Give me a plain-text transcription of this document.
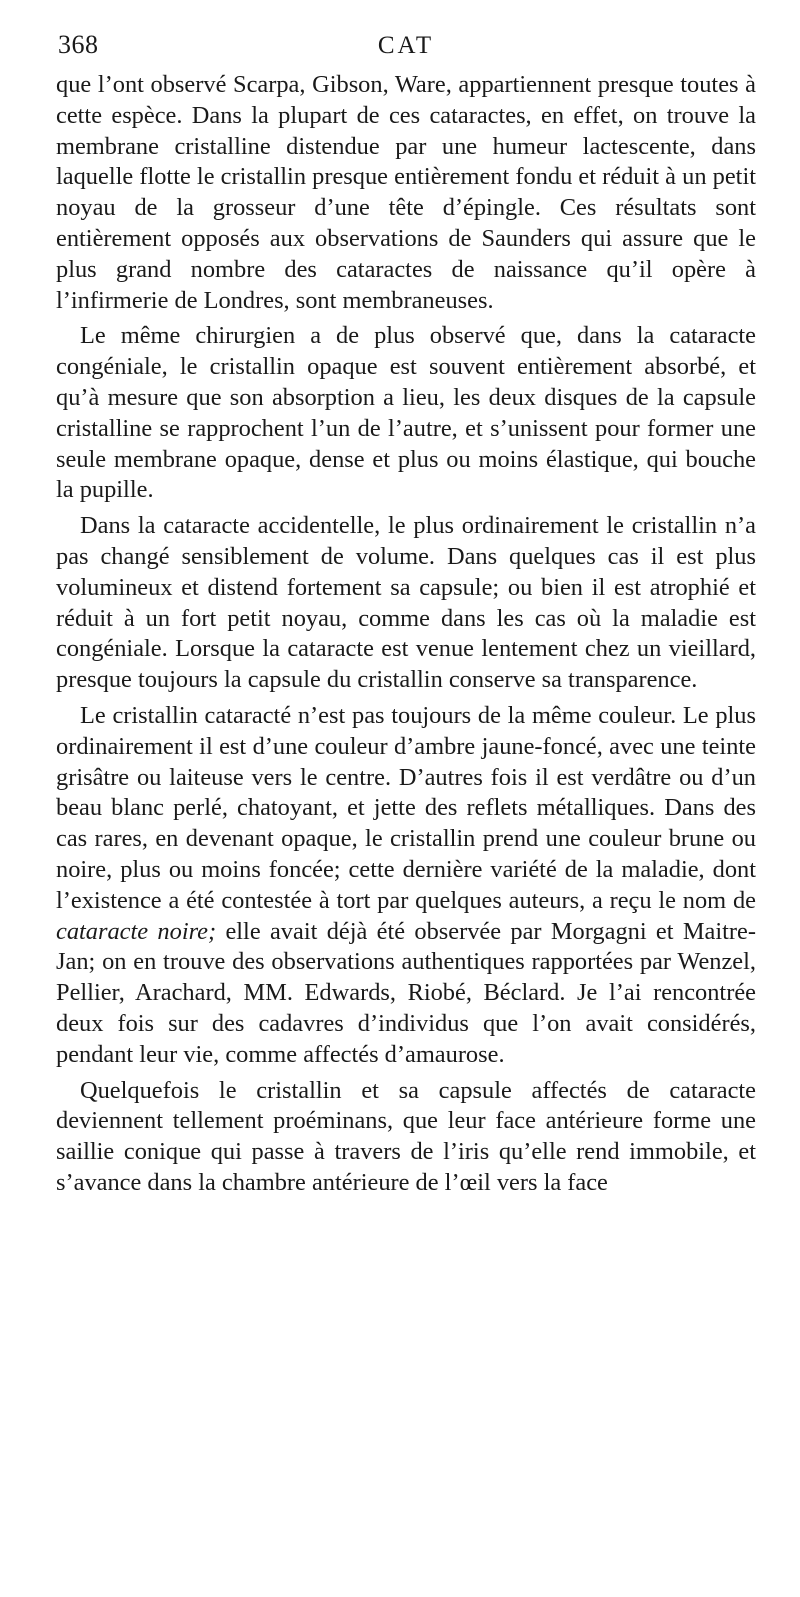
368	CAT

que l’ont observé Scarpa, Gibson, Ware, appartiennent presque toutes à cette espèce. Dans la plupart de ces cataractes, en effet, on trouve la membrane cristalline distendue par une humeur lactescente, dans laquelle flotte le cristallin presque entièrement fondu et réduit à un petit noyau de la grosseur d’une tête d’épingle. Ces résultats sont entièrement opposés aux observations de Saunders qui assure que le plus grand nombre des cataractes de naissance qu’il opère à l’infirmerie de Londres, sont membraneuses.

Le même chirurgien a de plus observé que, dans la cataracte congéniale, le cristallin opaque est souvent entièrement absorbé, et qu’à mesure que son absorption a lieu, les deux disques de la capsule cristalline se rapprochent l’un de l’autre, et s’unissent pour former une seule membrane opaque, dense et plus ou moins élastique, qui bouche la pupille.

Dans la cataracte accidentelle, le plus ordinairement le cristallin n’a pas changé sensiblement de volume. Dans quelques cas il est plus volumineux et distend fortement sa capsule; ou bien il est atrophié et réduit à un fort petit noyau, comme dans les cas où la maladie est congéniale. Lorsque la cataracte est venue lentement chez un vieillard, presque toujours la capsule du cristallin conserve sa transparence.

Le cristallin cataracté n’est pas toujours de la même couleur. Le plus ordinairement il est d’une couleur d’ambre jaune-foncé, avec une teinte grisâtre ou laiteuse vers le centre. D’autres fois il est verdâtre ou d’un beau blanc perlé, chatoyant, et jette des reflets métalliques. Dans des cas rares, en devenant opaque, le cristallin prend une couleur brune ou noire, plus ou moins foncée; cette dernière variété de la maladie, dont l’existence a été contestée à tort par quelques auteurs, a reçu le nom de cataracte noire; elle avait déjà été observée par Morgagni et Maitre-Jan; on en trouve des observations authentiques rapportées par Wenzel, Pellier, Arachard, MM. Edwards, Riobé, Béclard. Je l’ai rencontrée deux fois sur des cadavres d’individus que l’on avait considérés, pendant leur vie, comme affectés d’amaurose.

Quelquefois le cristallin et sa capsule affectés de cataracte deviennent tellement proéminans, que leur face antérieure forme une saillie conique qui passe à travers de l’iris qu’elle rend immobile, et s’avance dans la chambre antérieure de l’œil vers la face
